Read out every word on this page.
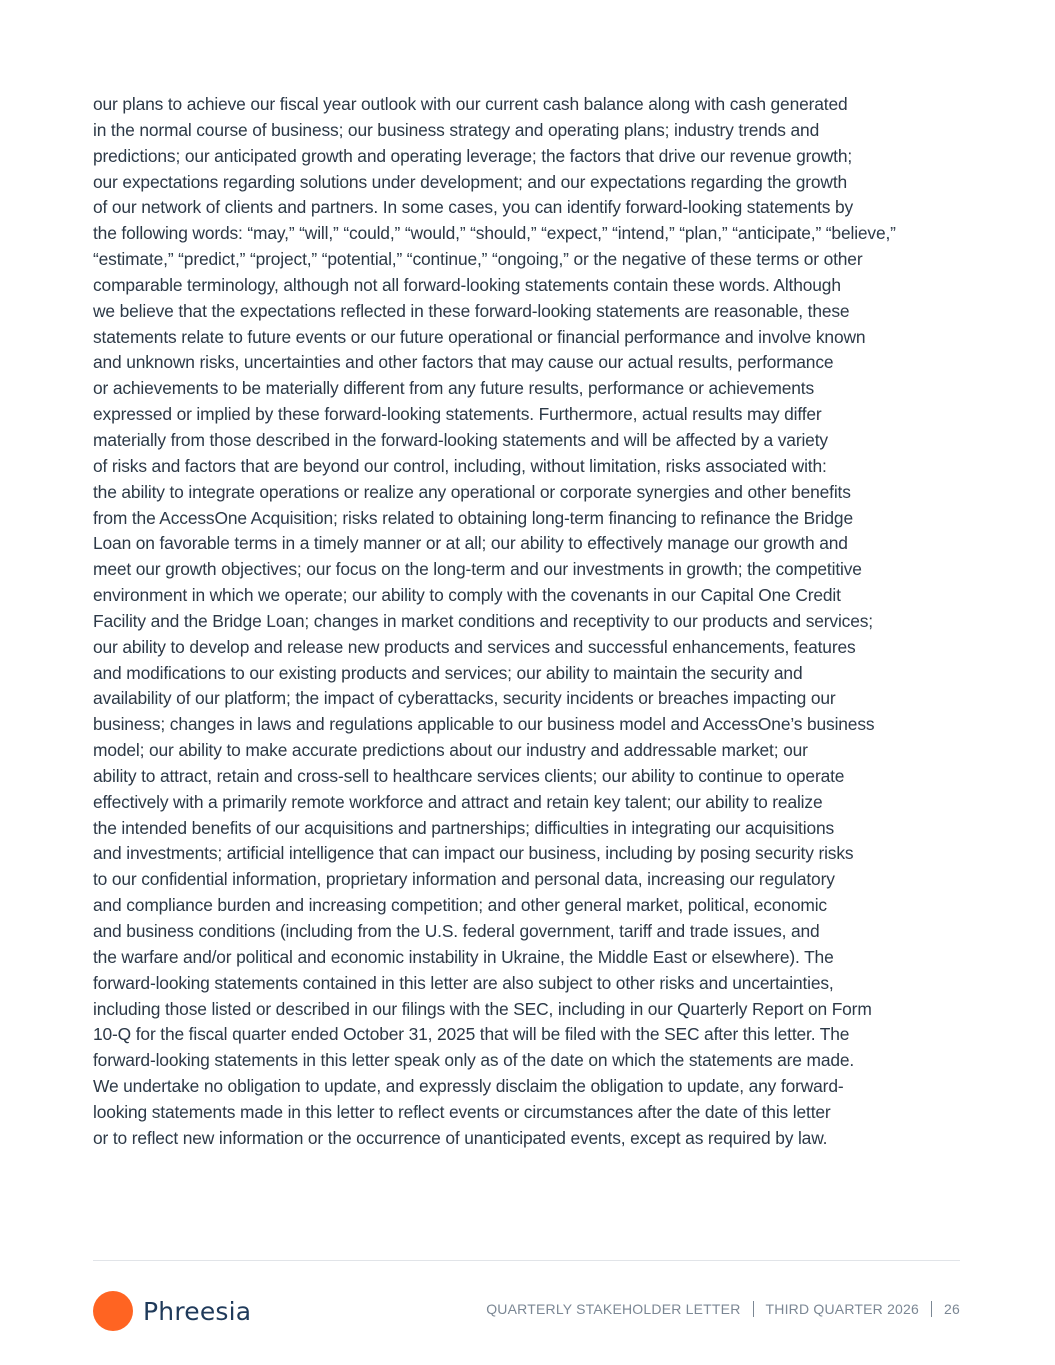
our plans to achieve our fiscal year outlook with our current cash balance along with cash generated
in the normal course of business; our business strategy and operating plans; industry trends and
predictions; our anticipated growth and operating leverage; the factors that drive our revenue growth;
our expectations regarding solutions under development; and our expectations regarding the growth
of our network of clients and partners. In some cases, you can identify forward-looking statements by
the following words: “may,” “will,” “could,” “would,” “should,” “expect,” “intend,” “plan,” “anticipate,” “believe,”
“estimate,” “predict,” “project,” “potential,” “continue,” “ongoing,” or the negative of these terms or other
comparable terminology, although not all forward-looking statements contain these words. Although
we believe that the expectations reflected in these forward-looking statements are reasonable, these
statements relate to future events or our future operational or financial performance and involve known
and unknown risks, uncertainties and other factors that may cause our actual results, performance
or achievements to be materially different from any future results, performance or achievements
expressed or implied by these forward-looking statements. Furthermore, actual results may differ
materially from those described in the forward-looking statements and will be affected by a variety
of risks and factors that are beyond our control, including, without limitation, risks associated with:
the ability to integrate operations or realize any operational or corporate synergies and other benefits
from the AccessOne Acquisition; risks related to obtaining long-term financing to refinance the Bridge
Loan on favorable terms in a timely manner or at all; our ability to effectively manage our growth and
meet our growth objectives; our focus on the long-term and our investments in growth; the competitive
environment in which we operate; our ability to comply with the covenants in our Capital One Credit
Facility and the Bridge Loan; changes in market conditions and receptivity to our products and services;
our ability to develop and release new products and services and successful enhancements, features
and modifications to our existing products and services; our ability to maintain the security and
availability of our platform; the impact of cyberattacks, security incidents or breaches impacting our
business; changes in laws and regulations applicable to our business model and AccessOne’s business
model; our ability to make accurate predictions about our industry and addressable market; our
ability to attract, retain and cross-sell to healthcare services clients; our ability to continue to operate
effectively with a primarily remote workforce and attract and retain key talent; our ability to realize
the intended benefits of our acquisitions and partnerships; difficulties in integrating our acquisitions
and investments; artificial intelligence that can impact our business, including by posing security risks
to our confidential information, proprietary information and personal data, increasing our regulatory
and compliance burden and increasing competition; and other general market, political, economic
and business conditions (including from the U.S. federal government, tariff and trade issues, and
the warfare and/or political and economic instability in Ukraine, the Middle East or elsewhere). The
forward-looking statements contained in this letter are also subject to other risks and uncertainties,
including those listed or described in our filings with the SEC, including in our Quarterly Report on Form
10-Q for the fiscal quarter ended October 31, 2025 that will be filed with the SEC after this letter. The
forward-looking statements in this letter speak only as of the date on which the statements are made.
We undertake no obligation to update, and expressly disclaim the obligation to update, any forward-
looking statements made in this letter to reflect events or circumstances after the date of this letter
or to reflect new information or the occurrence of unanticipated events, except as required by law.
Phreesia	QUARTERLY STAKEHOLDER LETTER THIRD QUARTER 2026 26
